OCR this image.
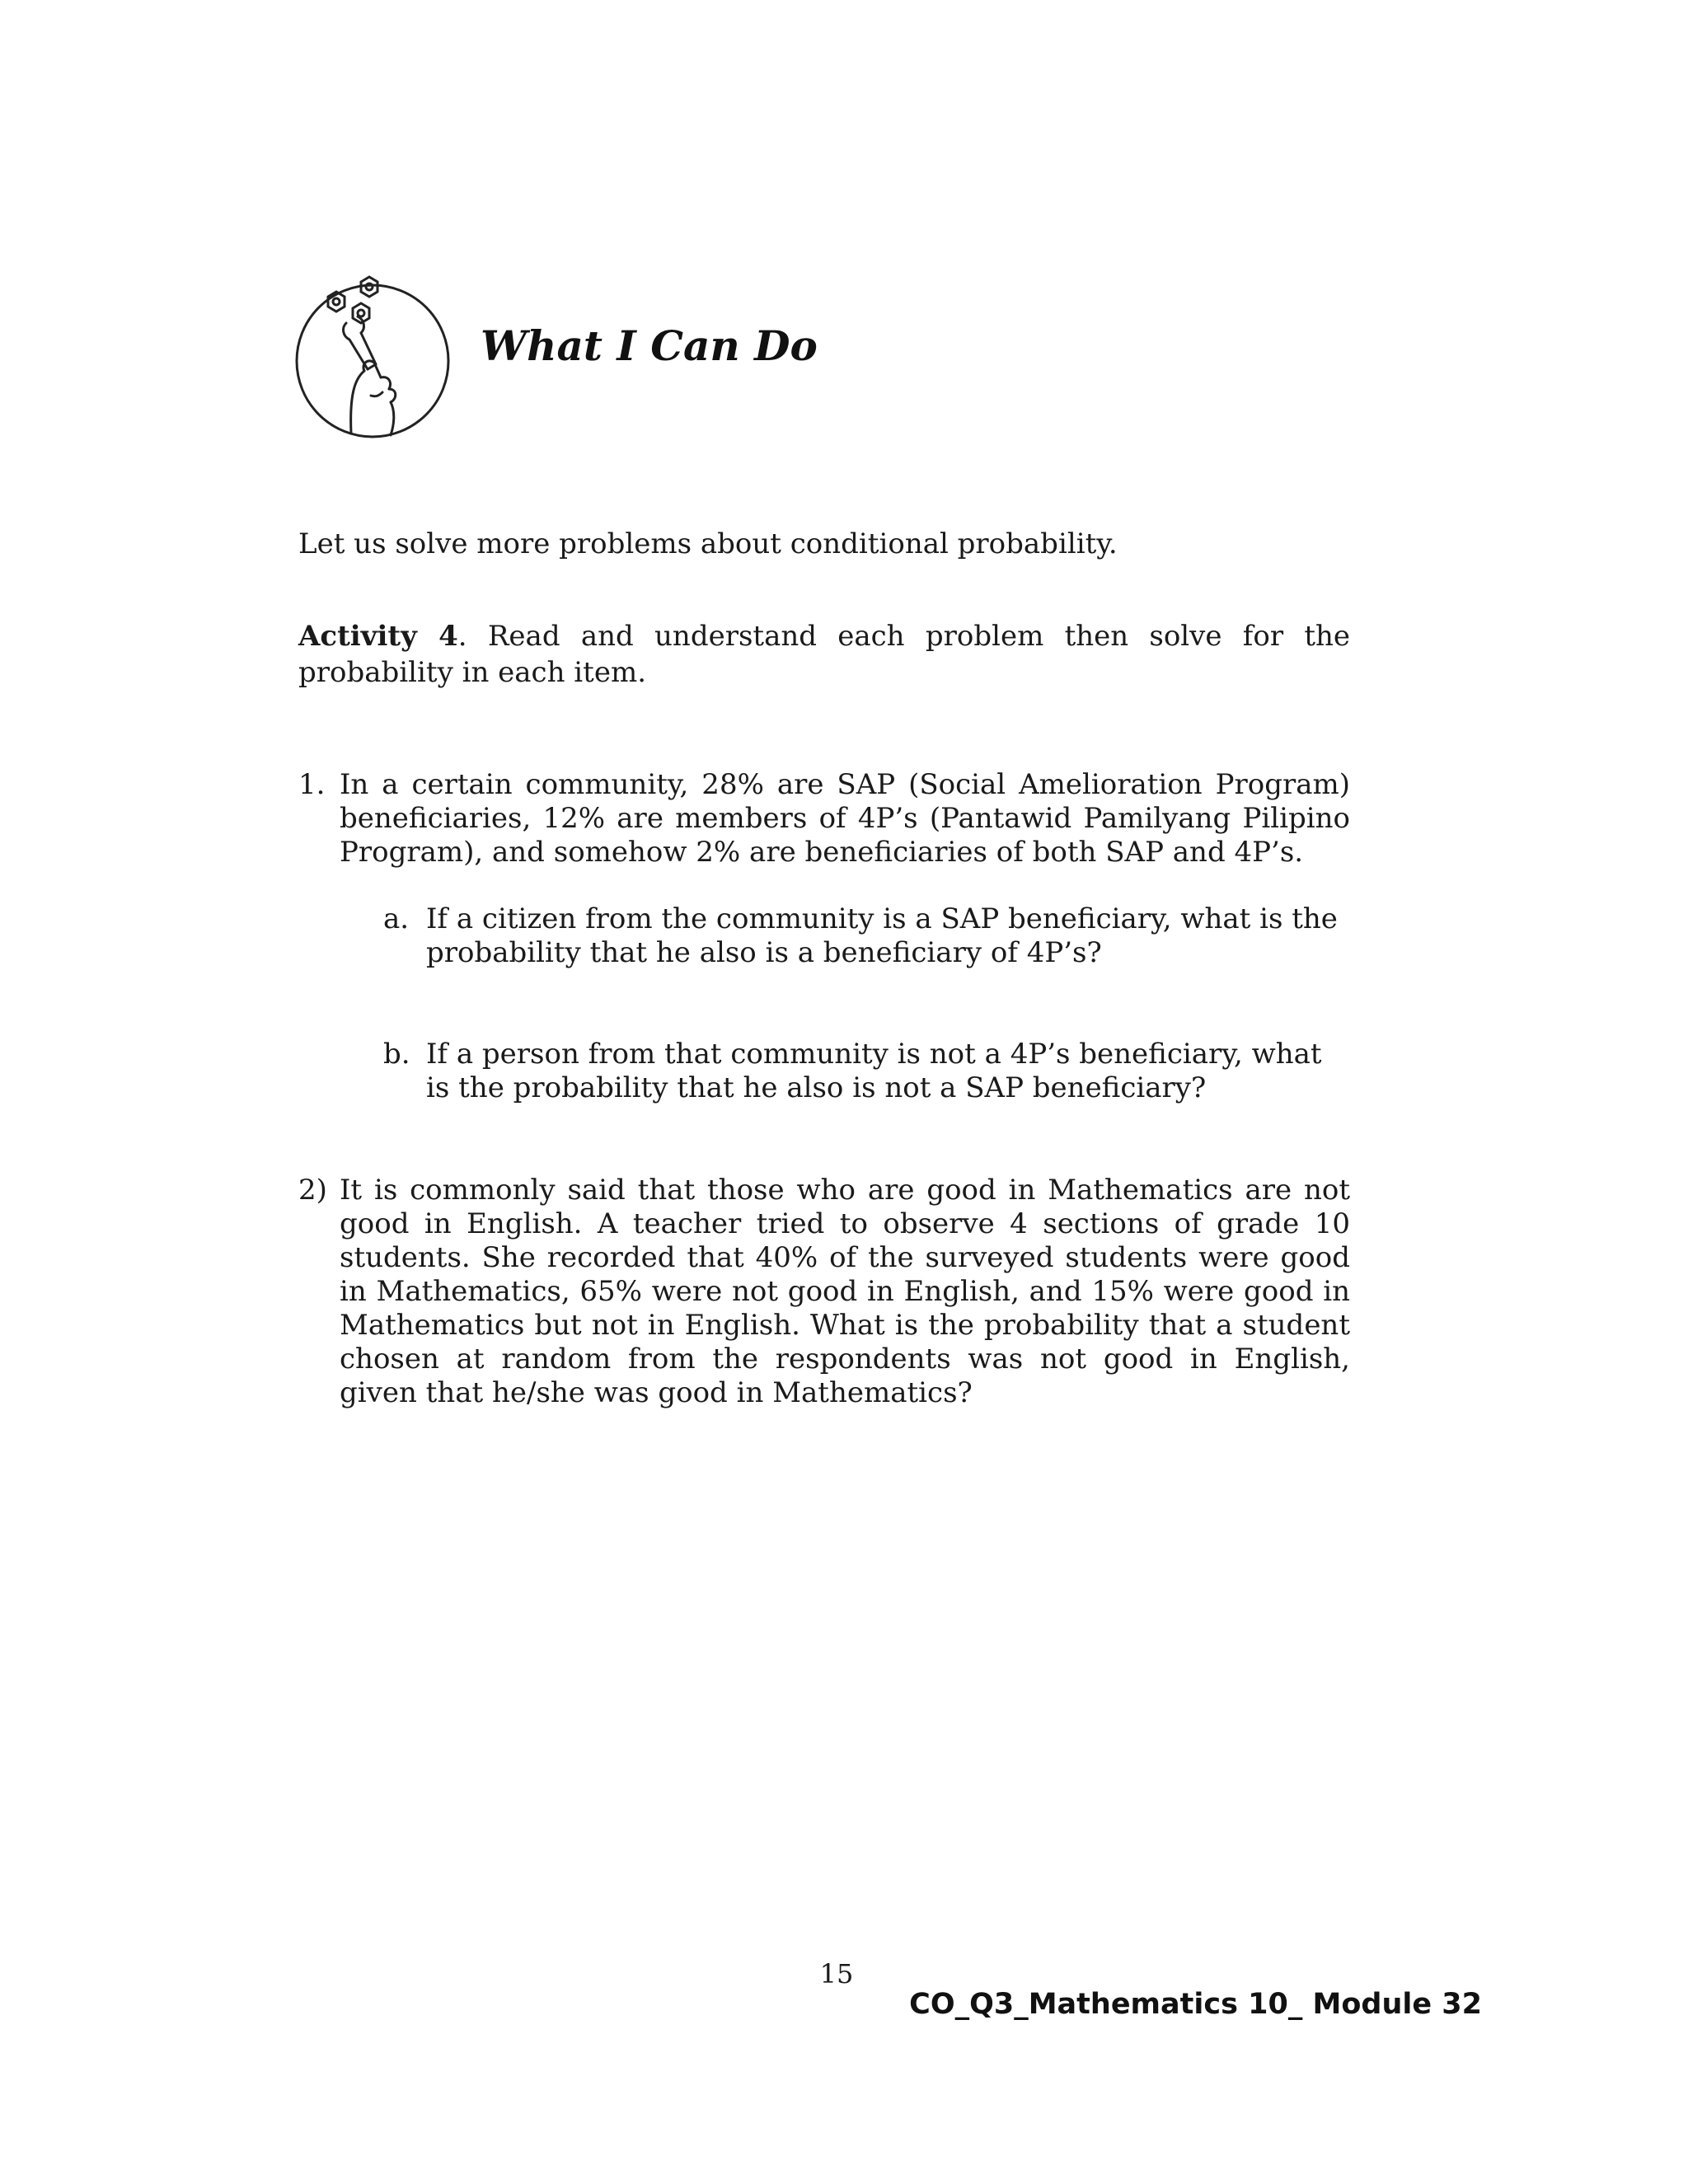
What I Can Do

Let us solve more problems about conditional probability.

Activity 4. Read and understand each problem then solve for the probability in each item.

1. In a certain community, 28% are SAP (Social Amelioration Program) beneficiaries, 12% are members of 4P’s (Pantawid Pamilyang Pilipino Program), and somehow 2% are beneficiaries of both SAP and 4P’s.
a. If a citizen from the community is a SAP beneficiary, what is the probability that he also is a beneficiary of 4P’s?
b. If a person from that community is not a 4P’s beneficiary, what is the probability that he also is not a SAP beneficiary?
2) It is commonly said that those who are good in Mathematics are not good in English. A teacher tried to observe 4 sections of grade 10 students. She recorded that 40% of the surveyed students were good in Mathematics, 65% were not good in English, and 15% were good in Mathematics but not in English. What is the probability that a student chosen at random from the respondents was not good in English, given that he/she was good in Mathematics?
15
CO_Q3_Mathematics 10_ Module 32
